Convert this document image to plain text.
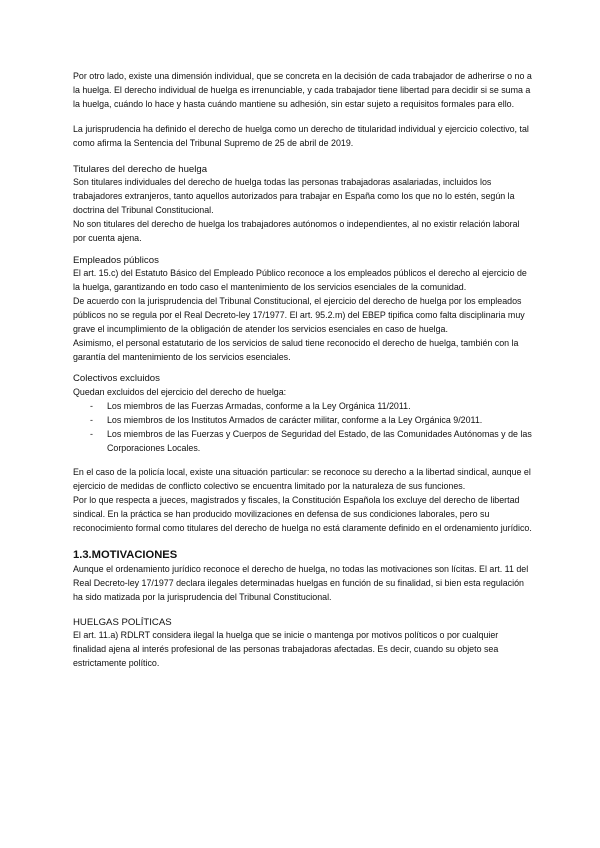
Por otro lado, existe una dimensión individual, que se concreta en la decisión de cada trabajador de adherirse o no a la huelga. El derecho individual de huelga es irrenunciable, y cada trabajador tiene libertad para decidir si se suma a la huelga, cuándo lo hace y hasta cuándo mantiene su adhesión, sin estar sujeto a requisitos formales para ello.

La jurisprudencia ha definido el derecho de huelga como un derecho de titularidad individual y ejercicio colectivo, tal como afirma la Sentencia del Tribunal Supremo de 25 de abril de 2019.

Titulares del derecho de huelga

Son titulares individuales del derecho de huelga todas las personas trabajadoras asalariadas, incluidos los trabajadores extranjeros, tanto aquellos autorizados para trabajar en España como los que no lo estén, según la doctrina del Tribunal Constitucional.

No son titulares del derecho de huelga los trabajadores autónomos o independientes, al no existir relación laboral por cuenta ajena.

Empleados públicos

El art. 15.c) del Estatuto Básico del Empleado Público reconoce a los empleados públicos el derecho al ejercicio de la huelga, garantizando en todo caso el mantenimiento de los servicios esenciales de la comunidad.

De acuerdo con la jurisprudencia del Tribunal Constitucional, el ejercicio del derecho de huelga por los empleados públicos no se regula por el Real Decreto-ley 17/1977. El art. 95.2.m) del EBEP tipifica como falta disciplinaria muy grave el incumplimiento de la obligación de atender los servicios esenciales en caso de huelga.

Asimismo, el personal estatutario de los servicios de salud tiene reconocido el derecho de huelga, también con la garantía del mantenimiento de los servicios esenciales.

Colectivos excluidos

Quedan excluidos del ejercicio del derecho de huelga:

- Los miembros de las Fuerzas Armadas, conforme a la Ley Orgánica 11/2011.
- Los miembros de los Institutos Armados de carácter militar, conforme a la Ley Orgánica 9/2011.
- Los miembros de las Fuerzas y Cuerpos de Seguridad del Estado, de las Comunidades Autónomas y de las Corporaciones Locales.

En el caso de la policía local, existe una situación particular: se reconoce su derecho a la libertad sindical, aunque el ejercicio de medidas de conflicto colectivo se encuentra limitado por la naturaleza de sus funciones.

Por lo que respecta a jueces, magistrados y fiscales, la Constitución Española los excluye del derecho de libertad sindical. En la práctica se han producido movilizaciones en defensa de sus condiciones laborales, pero su reconocimiento formal como titulares del derecho de huelga no está claramente definido en el ordenamiento jurídico.

1.3.MOTIVACIONES

Aunque el ordenamiento jurídico reconoce el derecho de huelga, no todas las motivaciones son lícitas. El art. 11 del Real Decreto-ley 17/1977 declara ilegales determinadas huelgas en función de su finalidad, si bien esta regulación ha sido matizada por la jurisprudencia del Tribunal Constitucional.

HUELGAS POLÍTICAS

El art. 11.a) RDLRT considera ilegal la huelga que se inicie o mantenga por motivos políticos o por cualquier finalidad ajena al interés profesional de las personas trabajadoras afectadas. Es decir, cuando su objeto sea estrictamente político.
